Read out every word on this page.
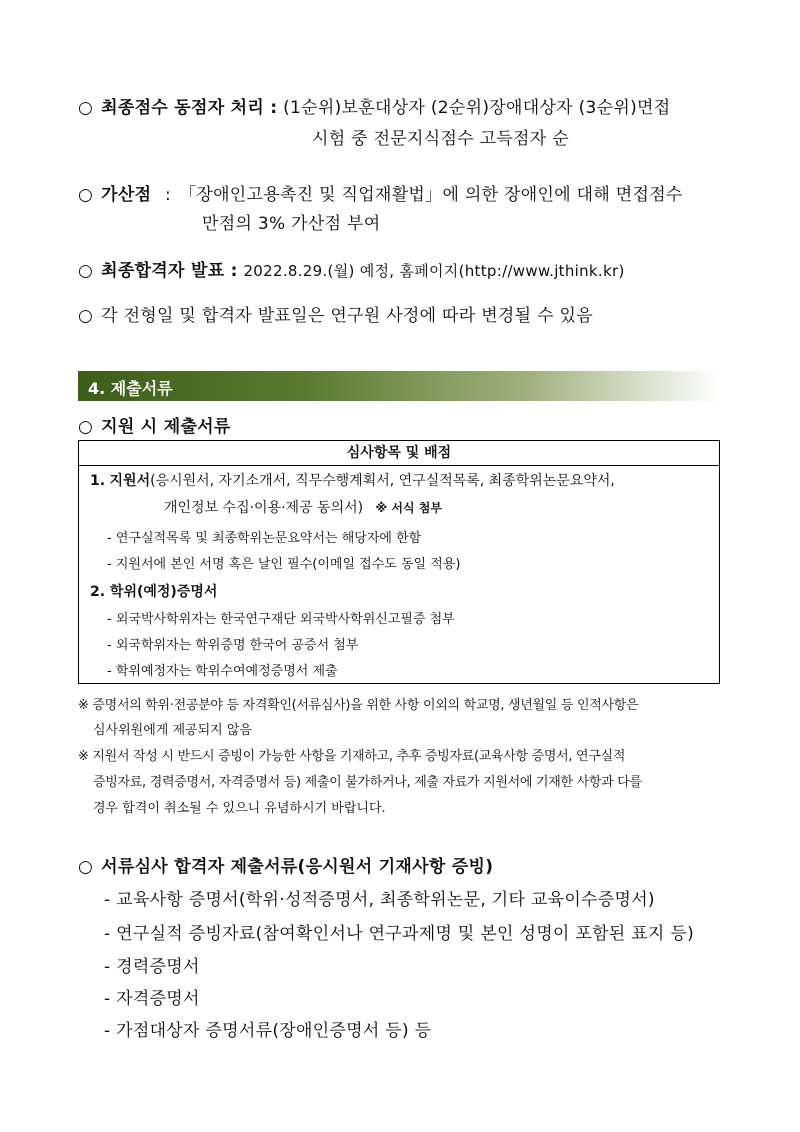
○ 최종점수 동점자 처리 : (1순위)보훈대상자 (2순위)장애대상자 (3순위)면접
시험 중 전문지식점수 고득점자 순
○ 가산점 : 「장애인고용촉진 및 직업재활법」에 의한 장애인에 대해 면접점수
만점의 3% 가산점 부여
○ 최종합격자 발표 : 2022.8.29.(월) 예정, 홈페이지(http://www.jthink.kr)
○ 각 전형일 및 합격자 발표일은 연구원 사정에 따라 변경될 수 있음
4. 제출서류
○ 지원 시 제출서류
심사항목 및 배점
1. 지원서(응시원서, 자기소개서, 직무수행계획서, 연구실적목록, 최종학위논문요약서,
개인정보 수집·이용·제공 동의서) ※ 서식 첨부
- 연구실적목록 및 최종학위논문요약서는 해당자에 한함
- 지원서에 본인 서명 혹은 날인 필수(이메일 접수도 동일 적용)
2. 학위(예정)증명서
- 외국박사학위자는 한국연구재단 외국박사학위신고필증 첨부
- 외국학위자는 학위증명 한국어 공증서 첨부
- 학위예정자는 학위수여예정증명서 제출
※ 증명서의 학위·전공분야 등 자격확인(서류심사)을 위한 사항 이외의 학교명, 생년월일 등 인적사항은
심사위원에게 제공되지 않음
※ 지원서 작성 시 반드시 증빙이 가능한 사항을 기재하고, 추후 증빙자료(교육사항 증명서, 연구실적
증빙자료, 경력증명서, 자격증명서 등) 제출이 불가하거나, 제출 자료가 지원서에 기재한 사항과 다를
경우 합격이 취소될 수 있으니 유념하시기 바랍니다.
○ 서류심사 합격자 제출서류(응시원서 기재사항 증빙)
- 교육사항 증명서(학위·성적증명서, 최종학위논문, 기타 교육이수증명서)
- 연구실적 증빙자료(참여확인서나 연구과제명 및 본인 성명이 포함된 표지 등)
- 경력증명서
- 자격증명서
- 가점대상자 증명서류(장애인증명서 등) 등
